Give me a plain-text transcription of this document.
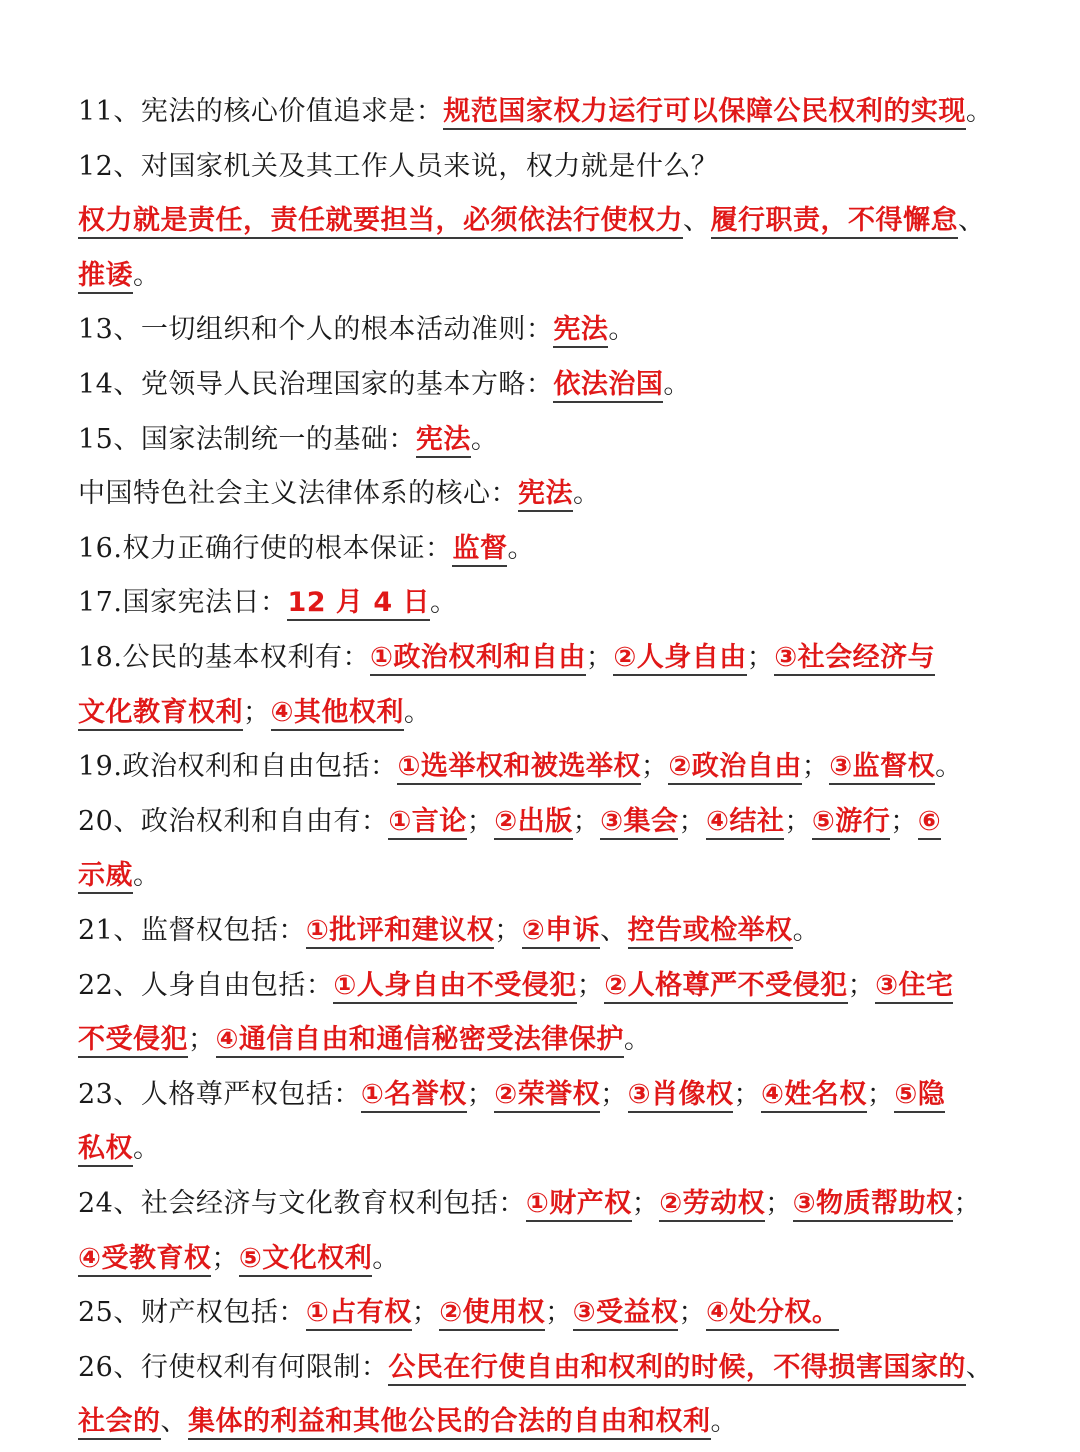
11、宪法的核心价值追求是：规范国家权力运行可以保障公民权利的实现。
12、对国家机关及其工作人员来说，权力就是什么？
权力就是责任，责任就要担当，必须依法行使权力、履行职责，不得懈怠、
推诿。
13、一切组织和个人的根本活动准则：宪法。
14、党领导人民治理国家的基本方略：依法治国。
15、国家法制统一的基础：宪法。
中国特色社会主义法律体系的核心：宪法。
16.权力正确行使的根本保证：监督。
17.国家宪法日：12 月 4 日。
18.公民的基本权利有：①政治权利和自由；②人身自由；③社会经济与
文化教育权利；④其他权利。
19.政治权利和自由包括：①选举权和被选举权；②政治自由；③监督权。
20、政治权利和自由有：①言论；②出版；③集会；④结社；⑤游行；⑥
示威。
21、监督权包括：①批评和建议权；②申诉、控告或检举权。
22、人身自由包括：①人身自由不受侵犯；②人格尊严不受侵犯；③住宅
不受侵犯；④通信自由和通信秘密受法律保护。
23、人格尊严权包括：①名誉权；②荣誉权；③肖像权；④姓名权；⑤隐
私权。
24、社会经济与文化教育权利包括：①财产权；②劳动权；③物质帮助权；
④受教育权；⑤文化权利。
25、财产权包括：①占有权；②使用权；③受益权；④处分权。
26、行使权利有何限制：公民在行使自由和权利的时候，不得损害国家的、
社会的、集体的利益和其他公民的合法的自由和权利。
